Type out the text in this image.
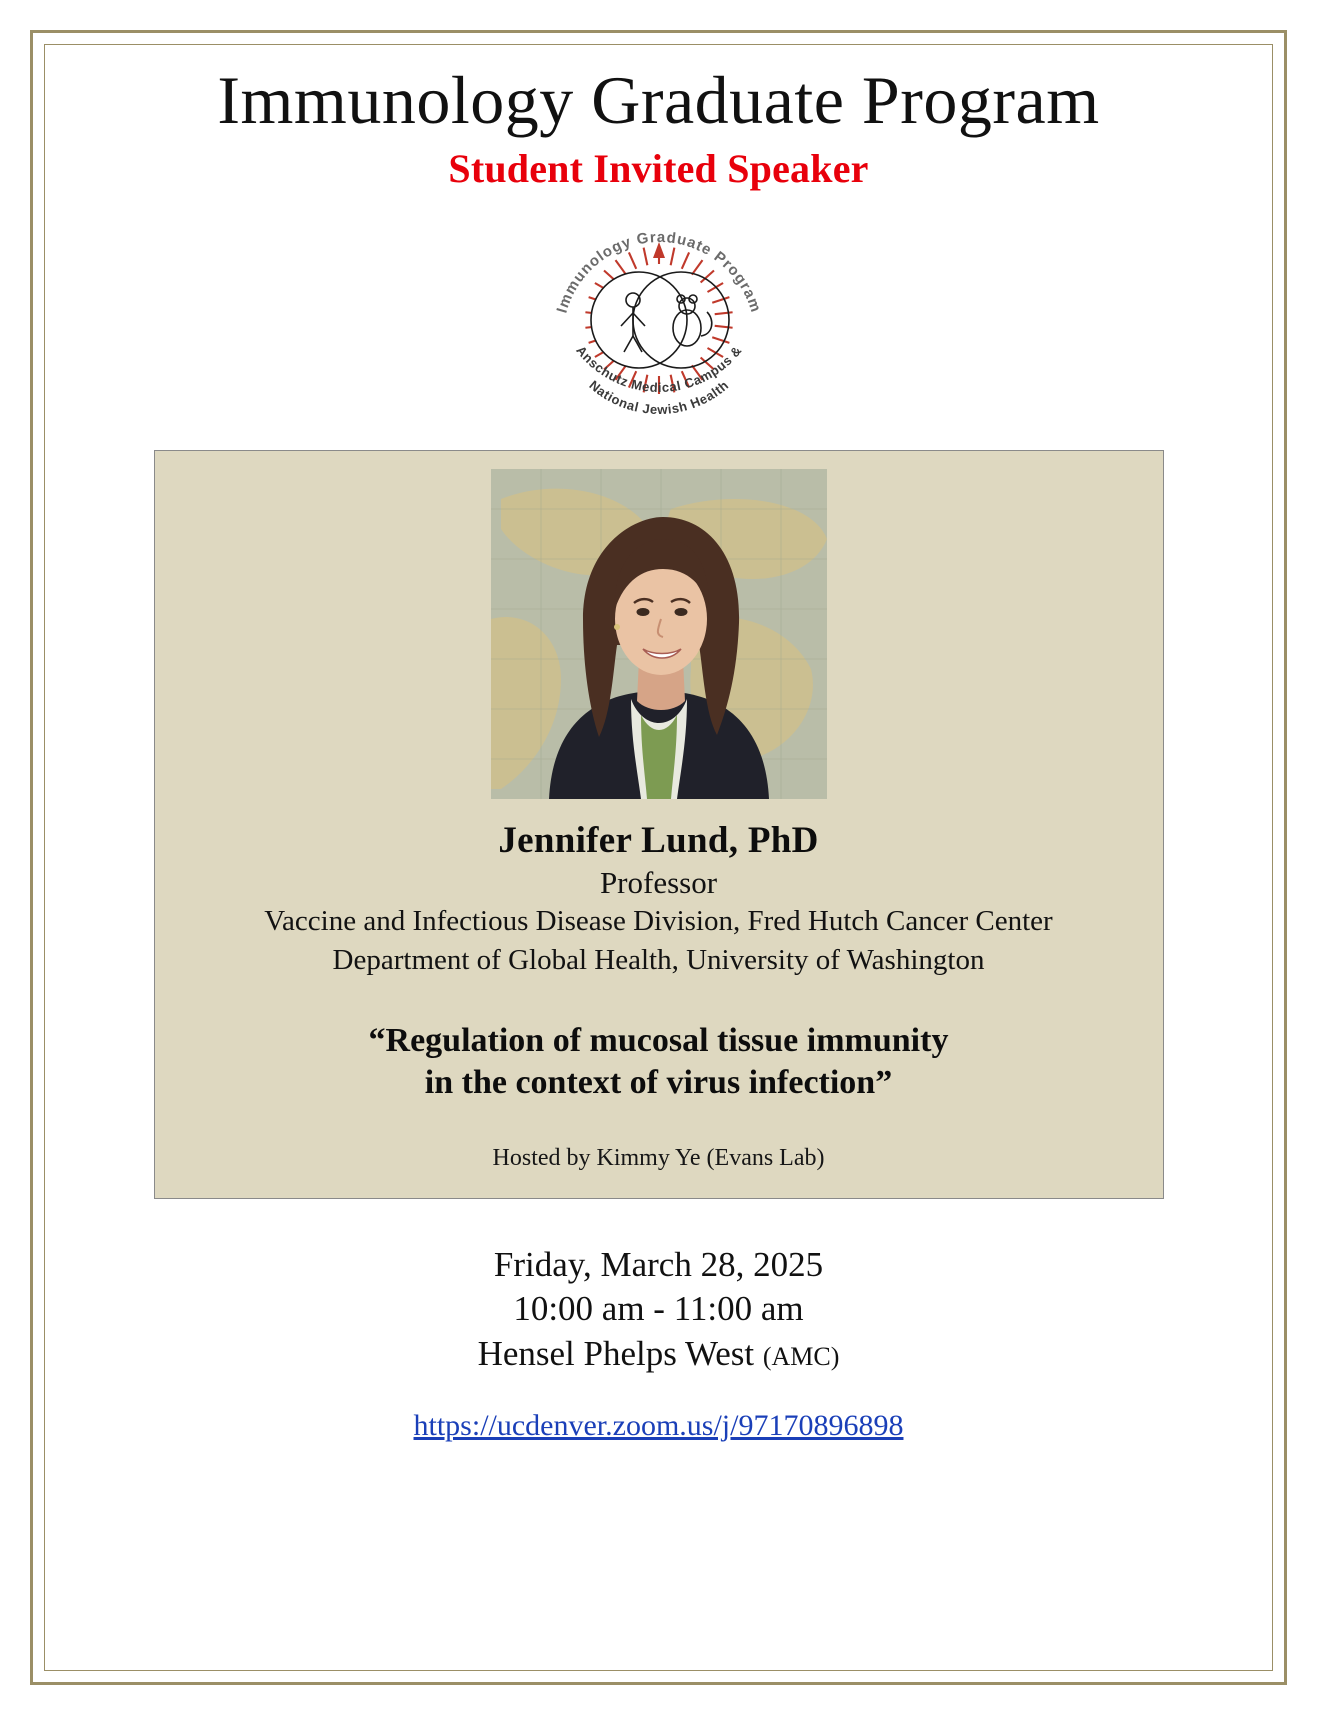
Immunology Graduate Program
Student Invited Speaker
Immunology Graduate Program
Anschutz Medical Campus &
National Jewish Health
Jennifer Lund, PhD
Professor
Vaccine and Infectious Disease Division, Fred Hutch Cancer Center
Department of Global Health, University of Washington
“Regulation of mucosal tissue immunity
in the context of virus infection”
Hosted by Kimmy Ye (Evans Lab)
Friday, March 28, 2025
10:00 am - 11:00 am
Hensel Phelps West (AMC)
https://ucdenver.zoom.us/j/97170896898
